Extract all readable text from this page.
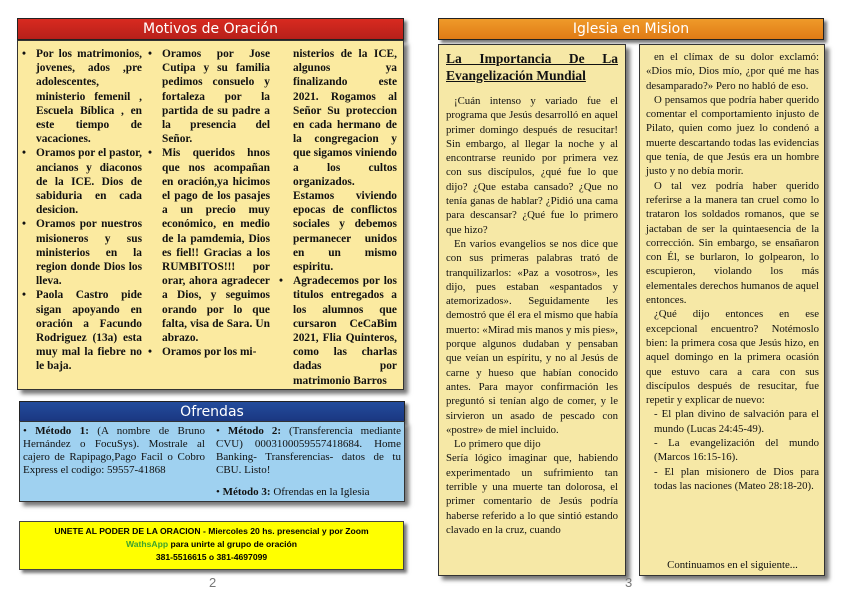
Motivos de Oración
• Por los matrimonios, jovenes, ados ,pre adolescentes, ministerio femenil , Escuela Bíblica , en este tiempo de vacaciones.
• Oramos por el pastor, ancianos y diaconos de la ICE. Dios de sabiduria en cada desicion.
• Oramos por nuestros misioneros y sus ministerios en la region donde Dios los lleva.
• Paola Castro pide sigan apoyando en oración a Facundo Rodriguez (13a) esta muy mal la fiebre no le baja.
• Oramos por Jose Cutipa y su familia pedimos consuelo y fortaleza por la partida de su padre a la presencia del Señor.
• Mis queridos hnos que nos acompañan en oración,ya hicimos el pago de los pasajes a un precio muy económico, en medio de la pamdemia, Dios es fiel!! Gracias a los RUMBITOS!!! por orar, ahora agradecer a Dios, y seguimos orando por lo que falta, visa de Sara. Un abrazo.
• Oramos por los mi-

nisterios de la ICE, algunos ya finalizando este 2021. Rogamos al Señor Su proteccion en cada hermano de la congregacion y que sigamos viniendo a los cultos organizados. Estamos viviendo epocas de conflictos sociales y debemos permanecer unidos en un mismo espiritu.

• Agradecemos por los titulos entregados a los alumnos que cursaron CeCaBim 2021, Flia Quinteros, como las charlas dadas por matrimonio Barros
Ofrendas
• Método 1: (A nombre de Bruno Hernández o FocuSys). Mostrale al cajero de Rapipago,Pago Facil o Cobro Express el codigo: 59557-41868
• Método 2: (Transferencia mediante CVU) 0003100059557418684. Home Banking- Transferencias- datos de tu CBU. Listo!
• Método 3: Ofrendas en la Iglesia
UNETE AL PODER DE LA ORACION - Miercoles 20 hs. presencial y por Zoom
WathsApp para unirte al grupo de oración
381-5516615 o 381-4697099
2
Iglesia en Mision

La Importancia De La Evangelización Mundial

¡Cuán intenso y variado fue el programa que Jesús desarrolló en aquel primer domingo después de resucitar! Sin embargo, al llegar la noche y al encontrarse reunido por primera vez con sus discípulos, ¿qué fue lo que dijo? ¿Que estaba cansado? ¿Que no tenía ganas de hablar? ¿Pidió una cama para descansar? ¿Qué fue lo primero que hizo?

En varios evangelios se nos dice que con sus primeras palabras trató de tranquilizarlos: «Paz a vosotros», les dijo, pues estaban «espantados y atemorizados». Seguidamente les demostró que él era el mismo que había muerto: «Mirad mis manos y mis pies», porque algunos dudaban y pensaban que veían un espíritu, y no al Jesús de carne y hueso que habían conocido antes. Para mayor confirmación les preguntó si tenían algo de comer, y le sirvieron un asado de pescado con «postre» de miel incluido.

Lo primero que dijo

Sería lógico imaginar que, habiendo experimentado un sufrimiento tan terrible y una muerte tan dolorosa, el primer comentario de Jesús podría haberse referido a lo que sintió estando clavado en la cruz, cuando

en el clímax de su dolor exclamó: «Dios mío, Dios mío, ¿por qué me has desamparado?» Pero no habló de eso.

O pensamos que podría haber querido comentar el comportamiento injusto de Pilato, quien como juez lo condenó a muerte descartando todas las evidencias que tenía, de que Jesús era un hombre justo y no debía morir.

O tal vez podría haber querido referirse a la manera tan cruel como lo trataron los soldados romanos, que se jactaban de ser la quintaesencia de la corrección. Sin embargo, se ensañaron con Él, se burlaron, lo golpearon, lo escupieron, violando los más elementales derechos humanos de aquel entonces.

¿Qué dijo entonces en ese excepcional encuentro? Notémoslo bien: la primera cosa que Jesús hizo, en aquel domingo en la primera ocasión que estuvo cara a cara con sus discípulos después de resucitar, fue repetir y explicar de nuevo:

- El plan divino de salvación para el mundo (Lucas 24:45-49).

- La evangelización del mundo (Marcos 16:15-16).

- El plan misionero de Dios para todas las naciones (Mateo 28:18-20).

Continuamos en el siguiente...
3
